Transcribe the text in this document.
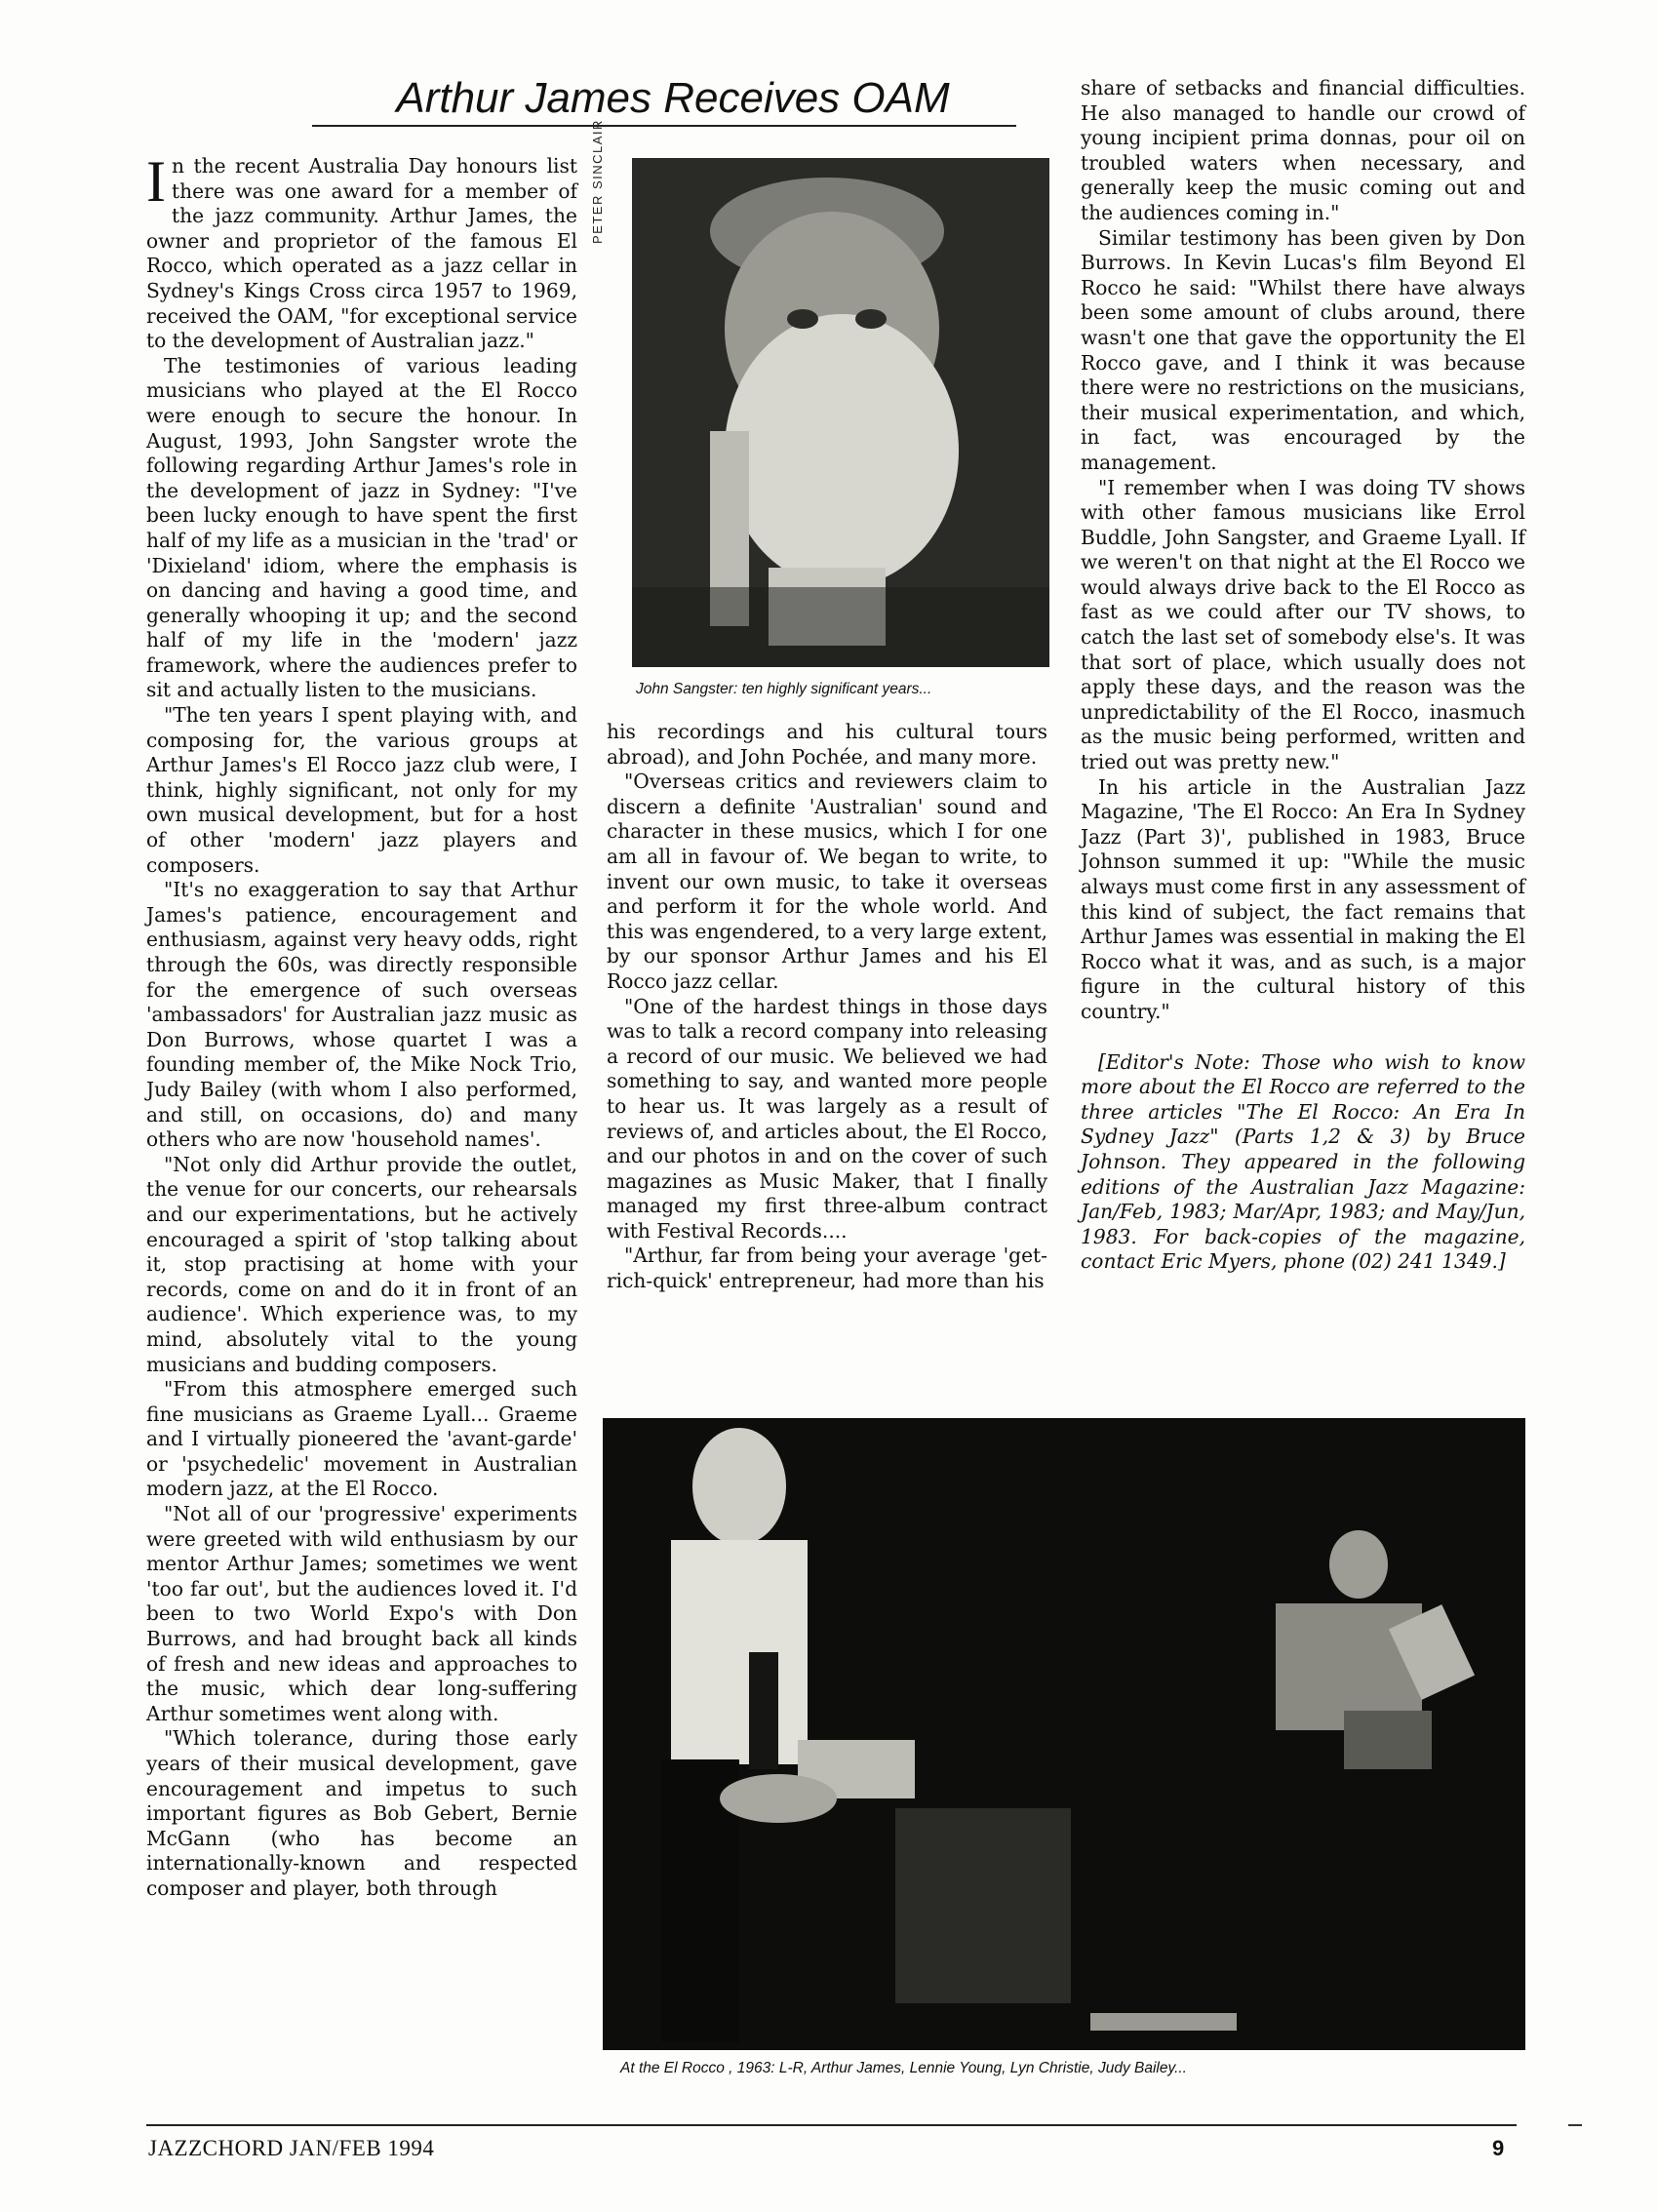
Arthur James Receives OAM

In the recent Australia Day honours list there was one award for a member of the jazz community. Arthur James, the owner and proprietor of the famous El Rocco, which operated as a jazz cellar in Sydney's Kings Cross circa 1957 to 1969, received the OAM, "for exceptional service to the development of Australian jazz."

The testimonies of various leading musicians who played at the El Rocco were enough to secure the honour. In August, 1993, John Sangster wrote the following regarding Arthur James's role in the development of jazz in Sydney: "I've been lucky enough to have spent the first half of my life as a musician in the 'trad' or 'Dixieland' idiom, where the emphasis is on dancing and having a good time, and generally whooping it up; and the second half of my life in the 'modern' jazz framework, where the audiences prefer to sit and actually listen to the musicians.

"The ten years I spent playing with, and composing for, the various groups at Arthur James's El Rocco jazz club were, I think, highly significant, not only for my own musical development, but for a host of other 'modern' jazz players and composers.

"It's no exaggeration to say that Arthur James's patience, encouragement and enthusiasm, against very heavy odds, right through the 60s, was directly responsible for the emergence of such overseas 'ambassadors' for Australian jazz music as Don Burrows, whose quartet I was a founding member of, the Mike Nock Trio, Judy Bailey (with whom I also performed, and still, on occasions, do) and many others who are now 'household names'.

"Not only did Arthur provide the outlet, the venue for our concerts, our rehearsals and our experimentations, but he actively encouraged a spirit of 'stop talking about it, stop practising at home with your records, come on and do it in front of an audience'. Which experience was, to my mind, absolutely vital to the young musicians and budding composers.

"From this atmosphere emerged such fine musicians as Graeme Lyall... Graeme and I virtually pioneered the 'avant-garde' or 'psychedelic' movement in Australian modern jazz, at the El Rocco.

"Not all of our 'progressive' experiments were greeted with wild enthusiasm by our mentor Arthur James; sometimes we went 'too far out', but the audiences loved it. I'd been to two World Expo's with Don Burrows, and had brought back all kinds of fresh and new ideas and approaches to the music, which dear long-suffering Arthur sometimes went along with.

"Which tolerance, during those early years of their musical development, gave encouragement and impetus to such important figures as Bob Gebert, Bernie McGann (who has become an internationally-known and respected composer and player, both through

PETER SINCLAIR
John Sangster: ten highly significant years...

his recordings and his cultural tours abroad), and John Pochée, and many more.

"Overseas critics and reviewers claim to discern a definite 'Australian' sound and character in these musics, which I for one am all in favour of. We began to write, to invent our own music, to take it overseas and perform it for the whole world. And this was engendered, to a very large extent, by our sponsor Arthur James and his El Rocco jazz cellar.

"One of the hardest things in those days was to talk a record company into releasing a record of our music. We believed we had something to say, and wanted more people to hear us. It was largely as a result of reviews of, and articles about, the El Rocco, and our photos in and on the cover of such magazines as Music Maker, that I finally managed my first three-album contract with Festival Records....

"Arthur, far from being your average 'get-rich-quick' entrepreneur, had more than his

share of setbacks and financial difficulties. He also managed to handle our crowd of young incipient prima donnas, pour oil on troubled waters when necessary, and generally keep the music coming out and the audiences coming in."

Similar testimony has been given by Don Burrows. In Kevin Lucas's film Beyond El Rocco he said: "Whilst there have always been some amount of clubs around, there wasn't one that gave the opportunity the El Rocco gave, and I think it was because there were no restrictions on the musicians, their musical experimentation, and which, in fact, was encouraged by the management.

"I remember when I was doing TV shows with other famous musicians like Errol Buddle, John Sangster, and Graeme Lyall. If we weren't on that night at the El Rocco we would always drive back to the El Rocco as fast as we could after our TV shows, to catch the last set of somebody else's. It was that sort of place, which usually does not apply these days, and the reason was the unpredictability of the El Rocco, inasmuch as the music being performed, written and tried out was pretty new."

In his article in the Australian Jazz Magazine, 'The El Rocco: An Era In Sydney Jazz (Part 3)', published in 1983, Bruce Johnson summed it up: "While the music always must come first in any assessment of this kind of subject, the fact remains that Arthur James was essential in making the El Rocco what it was, and as such, is a major figure in the cultural history of this country."

[Editor's Note: Those who wish to know more about the El Rocco are referred to the three articles "The El Rocco: An Era In Sydney Jazz" (Parts 1,2 & 3) by Bruce Johnson. They appeared in the following editions of the Australian Jazz Magazine: Jan/Feb, 1983; Mar/Apr, 1983; and May/Jun, 1983. For back-copies of the magazine, contact Eric Myers, phone (02) 241 1349.]

At the El Rocco , 1963: L-R, Arthur James, Lennie Young, Lyn Christie, Judy Bailey...
JAZZCHORD JAN/FEB 1994	9
